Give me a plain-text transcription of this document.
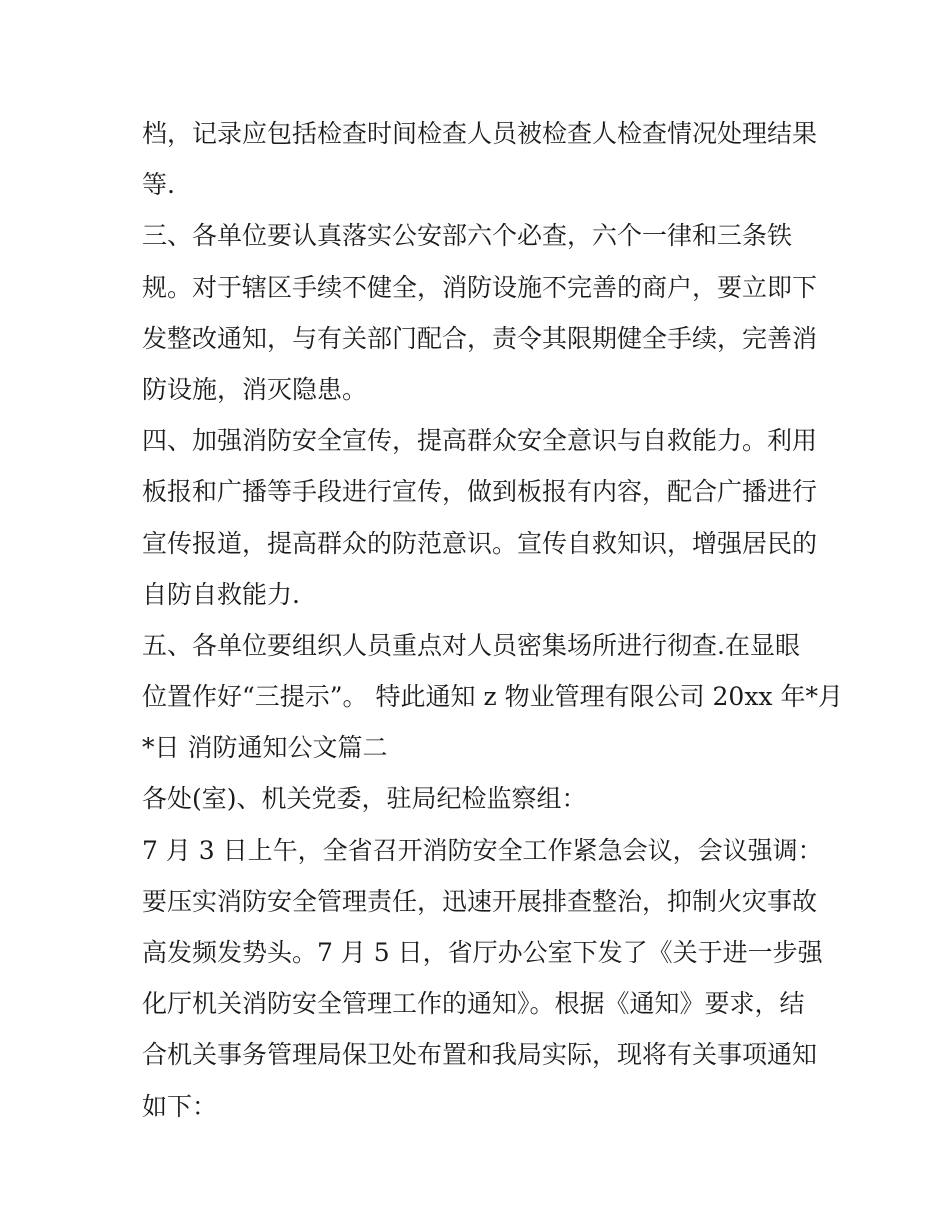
档，记录应包括检查时间检查人员被检查人检查情况处理结果
等.
三、各单位要认真落实公安部六个必查，六个一律和三条铁
规。对于辖区手续不健全，消防设施不完善的商户，要立即下
发整改通知，与有关部门配合，责令其限期健全手续，完善消
防设施，消灭隐患。
四、加强消防安全宣传，提高群众安全意识与自救能力。利用
板报和广播等手段进行宣传，做到板报有内容，配合广播进行
宣传报道，提高群众的防范意识。宣传自救知识，增强居民的
自防自救能力.
五、各单位要组织人员重点对人员密集场所进行彻查.在显眼
位置作好“三提示”。 特此通知 z 物业管理有限公司 20xx 年*月
*日 消防通知公文篇二
各处(室)、机关党委，驻局纪检监察组：
7 月 3 日上午，全省召开消防安全工作紧急会议，会议强调：
要压实消防安全管理责任，迅速开展排查整治，抑制火灾事故
高发频发势头。7 月 5 日，省厅办公室下发了《关于进一步强
化厅机关消防安全管理工作的通知》。根据《通知》要求，结
合机关事务管理局保卫处布置和我局实际，现将有关事项通知
如下：
